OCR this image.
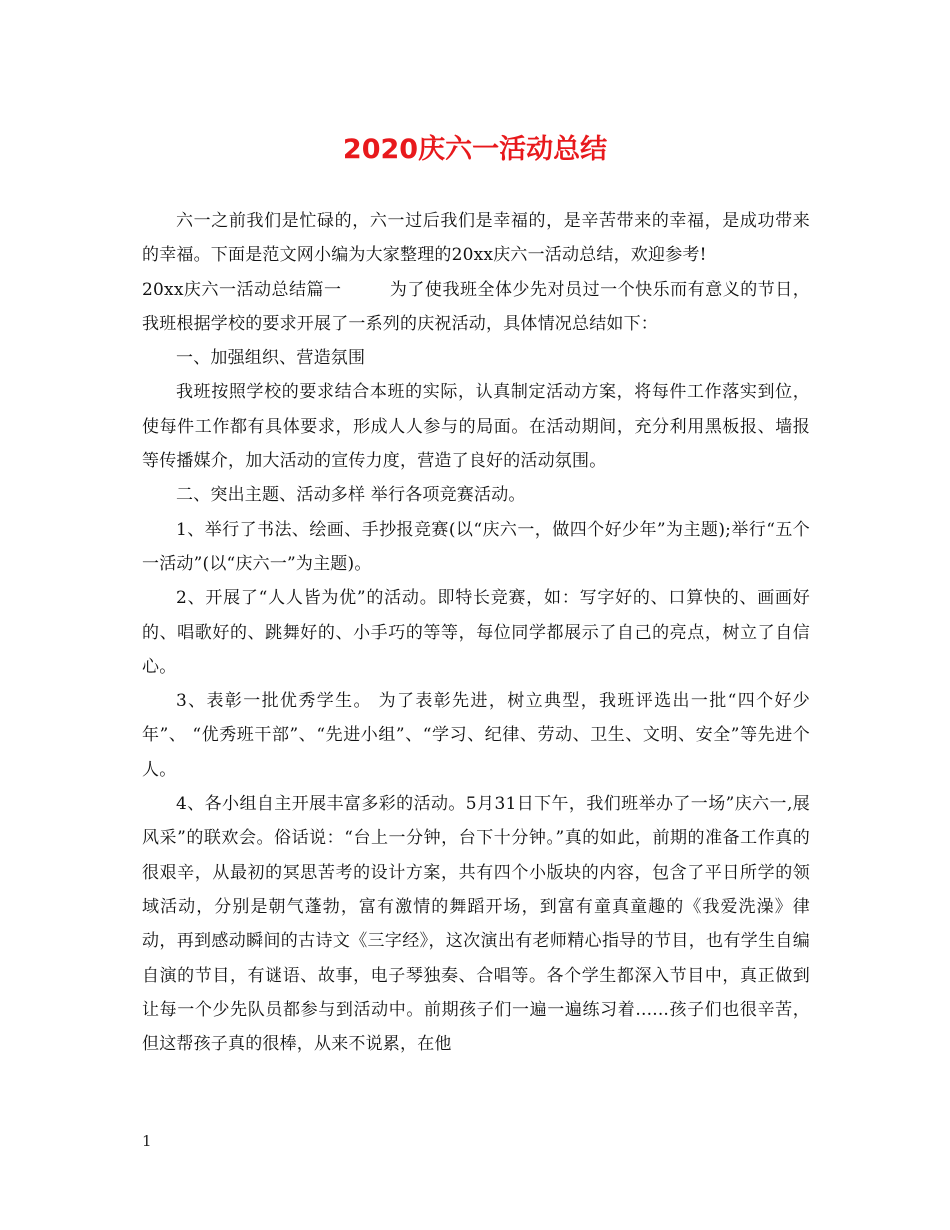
2020庆六一活动总结

六一之前我们是忙碌的，六一过后我们是幸福的，是辛苦带来的幸福，是成功带来的幸福。下面是范文网小编为大家整理的20xx庆六一活动总结，欢迎参考!

20xx庆六一活动总结篇一	为了使我班全体少先对员过一个快乐而有意义的节日，我班根据学校的要求开展了一系列的庆祝活动，具体情况总结如下：

一、加强组织、营造氛围

我班按照学校的要求结合本班的实际，认真制定活动方案，将每件工作落实到位，使每件工作都有具体要求，形成人人参与的局面。在活动期间，充分利用黑板报、墙报等传播媒介，加大活动的宣传力度，营造了良好的活动氛围。

二、突出主题、活动多样 举行各项竞赛活动。

1、举行了书法、绘画、手抄报竞赛(以“庆六一，做四个好少年”为主题);举行“五个一活动”(以“庆六一”为主题)。

2、开展了“人人皆为优”的活动。即特长竞赛，如：写字好的、口算快的、画画好的、唱歌好的、跳舞好的、小手巧的等等，每位同学都展示了自己的亮点，树立了自信心。

3、表彰一批优秀学生。 为了表彰先进，树立典型，我班评选出一批“四个好少年”、 “优秀班干部”、“先进小组”、“学习、纪律、劳动、卫生、文明、安全”等先进个人。

4、各小组自主开展丰富多彩的活动。5月31日下午，我们班举办了一场”庆六一,展风采”的联欢会。俗话说：“台上一分钟，台下十分钟。”真的如此，前期的准备工作真的很艰辛，从最初的冥思苦考的设计方案，共有四个小版块的内容，包含了平日所学的领域活动，分别是朝气蓬勃，富有激情的舞蹈开场，到富有童真童趣的《我爱洗澡》律动，再到感动瞬间的古诗文《三字经》，这次演出有老师精心指导的节目，也有学生自编自演的节目，有谜语、故事，电子琴独奏、合唱等。各个学生都深入节目中，真正做到让每一个少先队员都参与到活动中。前期孩子们一遍一遍练习着......孩子们也很辛苦，但这帮孩子真的很棒，从来不说累，在他

1
